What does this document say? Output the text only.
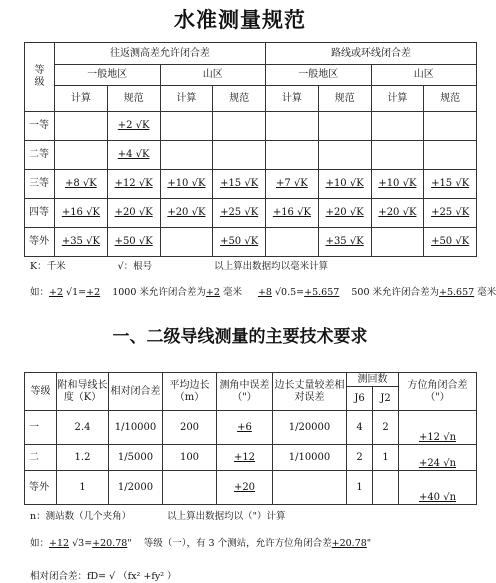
水准测量规范
等级	往返测高差允许闭合差				路线或环线闭合差			
	一般地区		山区		一般地区		山区	
	计算	规范	计算	规范	计算	规范	计算	规范
一等		+2 √K						
二等		+4 √K						
三等	+8 √K	+12 √K	+10 √K	+15 √K	+7 √K	+10 √K	+10 √K	+15 √K
四等	+16 √K	+20 √K	+20 √K	+25 √K	+16 √K	+20 √K	+20 √K	+25 √K
等外	+35 √K	+50 √K		+50 √K		+35 √K		+50 √K
K：千米	√：根号	以上算出数据均以毫米计算
如：+2 √1=+2    1000 米允许闭合差为+2 毫米 +8 √0.5=+5.657    500 米允许闭合差为+5.657 毫米
一、二级导线测量的主要技术要求
等级	附和导线长度（K）	相对闭合差	平均边长（m）	测角中误差（"）	边长丈量较差相对误差	测回数		方位角闭合差（"）
						J6	J2	
一	2.4	1/10000	200	+6	1/20000	4	2	+12 √n
二	1.2	1/5000	100	+12	1/10000	2	1	+24 √n
等外	1	1/2000		+20		1		+40 √n
n：测站数（几个夹角）	以上算出数据均以（"）计算
如：+12 √3=+20.78"    等级（一），有 3 个测站，允许方位角闭合差+20.78"
相对闭合差：fD= √ （fx² +fy² ）
